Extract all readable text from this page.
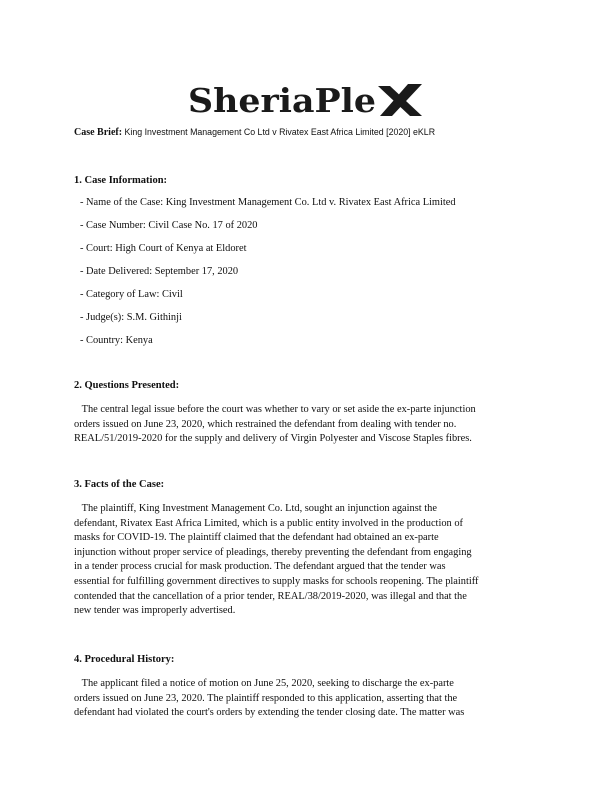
SheriaPle
Case Brief: King Investment Management Co Ltd v Rivatex East Africa Limited [2020] eKLR
1. Case Information:
- Name of the Case: King Investment Management Co. Ltd v. Rivatex East Africa Limited
- Case Number: Civil Case No. 17 of 2020
- Court: High Court of Kenya at Eldoret
- Date Delivered: September 17, 2020
- Category of Law: Civil
- Judge(s): S.M. Githinji
- Country: Kenya
2. Questions Presented:
The central legal issue before the court was whether to vary or set aside the ex-parte injunction
orders issued on June 23, 2020, which restrained the defendant from dealing with tender no.
REAL/51/2019-2020 for the supply and delivery of Virgin Polyester and Viscose Staples fibres.
3. Facts of the Case:
The plaintiff, King Investment Management Co. Ltd, sought an injunction against the
defendant, Rivatex East Africa Limited, which is a public entity involved in the production of
masks for COVID-19. The plaintiff claimed that the defendant had obtained an ex-parte
injunction without proper service of pleadings, thereby preventing the defendant from engaging
in a tender process crucial for mask production. The defendant argued that the tender was
essential for fulfilling government directives to supply masks for schools reopening. The plaintiff
contended that the cancellation of a prior tender, REAL/38/2019-2020, was illegal and that the
new tender was improperly advertised.
4. Procedural History:
The applicant filed a notice of motion on June 25, 2020, seeking to discharge the ex-parte
orders issued on June 23, 2020. The plaintiff responded to this application, asserting that the
defendant had violated the court's orders by extending the tender closing date. The matter was
